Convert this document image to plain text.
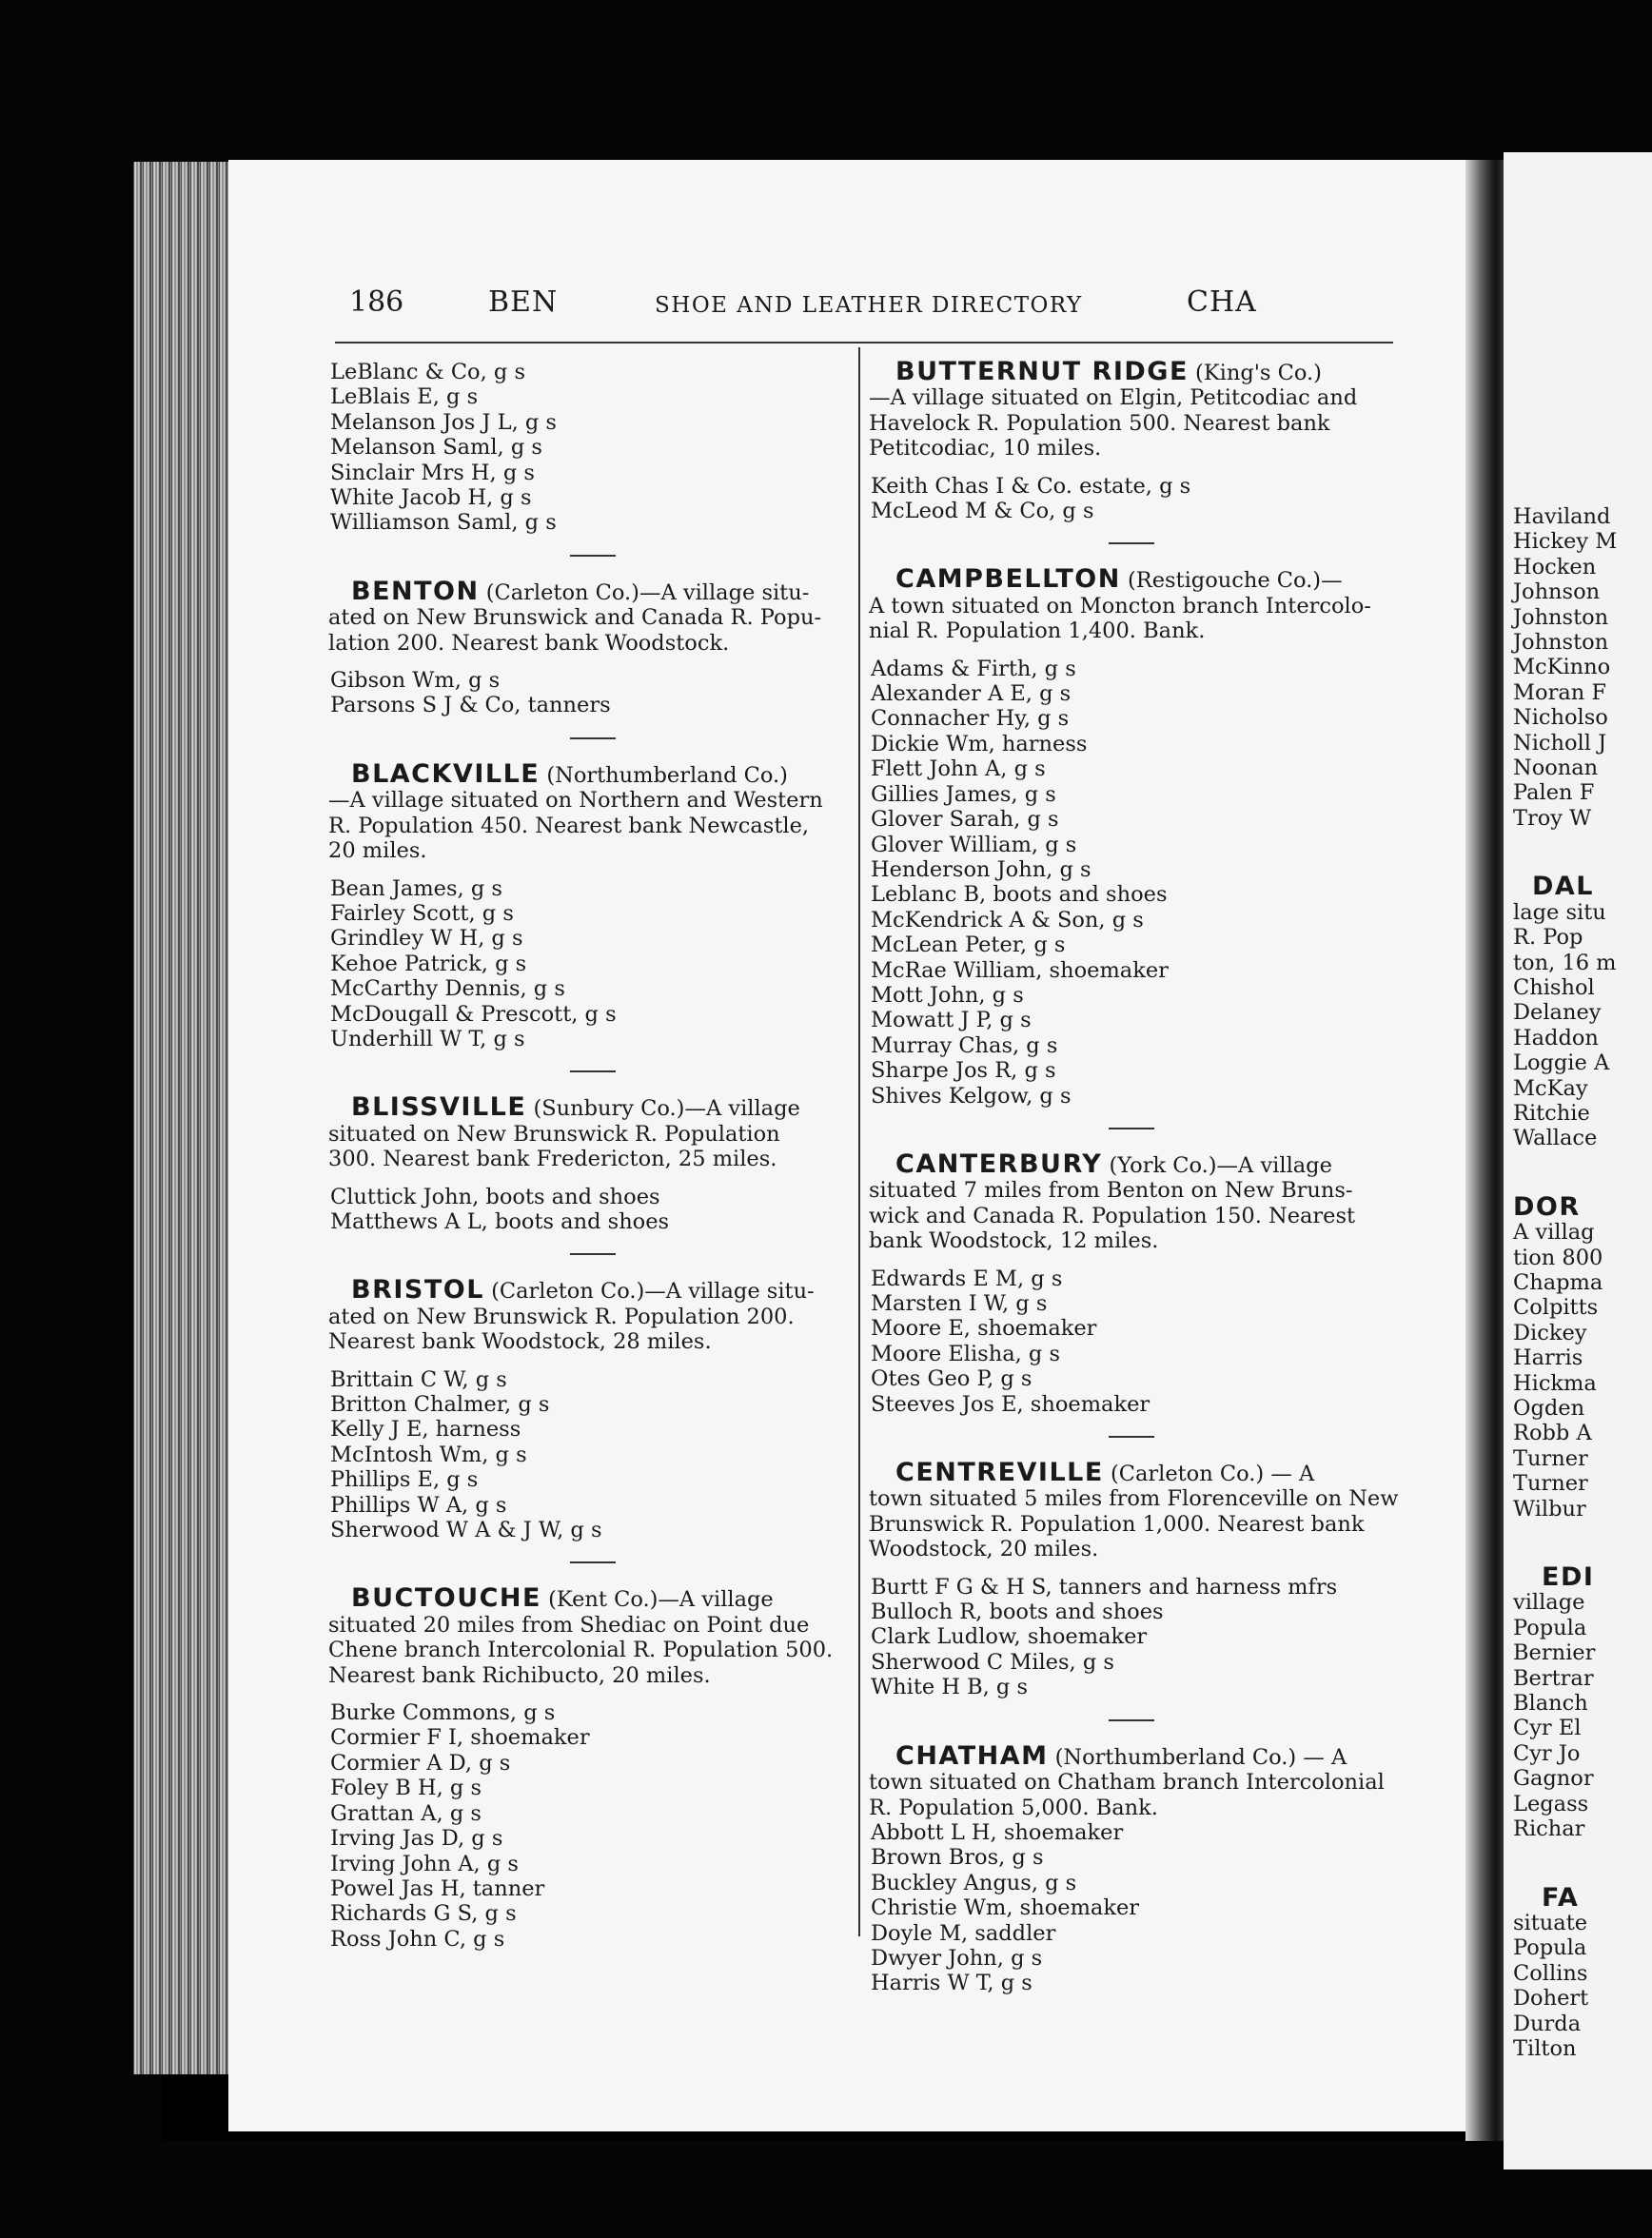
186	BEN	SHOE AND LEATHER DIRECTORY	CHA
LeBlanc & Co, g s
LeBlais E, g s
Melanson Jos J L, g s
Melanson Saml, g s
Sinclair Mrs H, g s
White Jacob H, g s
Williamson Saml, g s
BENTON (Carleton Co.)—A village situ-
ated on New Brunswick and Canada R. Popu-
lation 200. Nearest bank Woodstock.
Gibson Wm, g s
Parsons S J & Co, tanners
BLACKVILLE (Northumberland Co.)
—A village situated on Northern and Western
R. Population 450. Nearest bank Newcastle,
20 miles.
Bean James, g s
Fairley Scott, g s
Grindley W H, g s
Kehoe Patrick, g s
McCarthy Dennis, g s
McDougall & Prescott, g s
Underhill W T, g s
BLISSVILLE (Sunbury Co.)—A village
situated on New Brunswick R. Population
300. Nearest bank Fredericton, 25 miles.
Cluttick John, boots and shoes
Matthews A L, boots and shoes
BRISTOL (Carleton Co.)—A village situ-
ated on New Brunswick R. Population 200.
Nearest bank Woodstock, 28 miles.
Brittain C W, g s
Britton Chalmer, g s
Kelly J E, harness
McIntosh Wm, g s
Phillips E, g s
Phillips W A, g s
Sherwood W A & J W, g s
BUCTOUCHE (Kent Co.)—A village
situated 20 miles from Shediac on Point due
Chene branch Intercolonial R. Population 500.
Nearest bank Richibucto, 20 miles.
Burke Commons, g s
Cormier F I, shoemaker
Cormier A D, g s
Foley B H, g s
Grattan A, g s
Irving Jas D, g s
Irving John A, g s
Powel Jas H, tanner
Richards G S, g s
Ross John C, g s
BUTTERNUT RIDGE (King's Co.)
—A village situated on Elgin, Petitcodiac and
Havelock R. Population 500. Nearest bank
Petitcodiac, 10 miles.
Keith Chas I & Co. estate, g s
McLeod M & Co, g s
CAMPBELLTON (Restigouche Co.)—
A town situated on Moncton branch Intercolo-
nial R. Population 1,400. Bank.
Adams & Firth, g s
Alexander A E, g s
Connacher Hy, g s
Dickie Wm, harness
Flett John A, g s
Gillies James, g s
Glover Sarah, g s
Glover William, g s
Henderson John, g s
Leblanc B, boots and shoes
McKendrick A & Son, g s
McLean Peter, g s
McRae William, shoemaker
Mott John, g s
Mowatt J P, g s
Murray Chas, g s
Sharpe Jos R, g s
Shives Kelgow, g s
CANTERBURY (York Co.)—A village
situated 7 miles from Benton on New Bruns-
wick and Canada R. Population 150. Nearest
bank Woodstock, 12 miles.
Edwards E M, g s
Marsten I W, g s
Moore E, shoemaker
Moore Elisha, g s
Otes Geo P, g s
Steeves Jos E, shoemaker
CENTREVILLE (Carleton Co.) — A
town situated 5 miles from Florenceville on New
Brunswick R. Population 1,000. Nearest bank
Woodstock, 20 miles.
Burtt F G & H S, tanners and harness mfrs
Bulloch R, boots and shoes
Clark Ludlow, shoemaker
Sherwood C Miles, g s
White H B, g s
CHATHAM (Northumberland Co.) — A
town situated on Chatham branch Intercolonial
R. Population 5,000. Bank.
Abbott L H, shoemaker
Brown Bros, g s
Buckley Angus, g s
Christie Wm, shoemaker
Doyle M, saddler
Dwyer John, g s
Harris W T, g s
Haviland
Hickey M
Hocken
Johnson
Johnston
Johnston
McKinno
Moran F
Nicholso
Nicholl J
Noonan
Palen F
Troy W
DAL
lage situ
R. Pop
ton, 16 m
Chishol
Delaney
Haddon
Loggie A
McKay
Ritchie
Wallace
DOR
A villag
tion 800
Chapma
Colpitts
Dickey
Harris
Hickma
Ogden
Robb A
Turner
Turner
Wilbur
EDI
village
Popula
Bernier
Bertrar
Blanch
Cyr El
Cyr Jo
Gagnor
Legass
Richar
FA
situate
Popula
Collins
Dohert
Durda
Tilton
